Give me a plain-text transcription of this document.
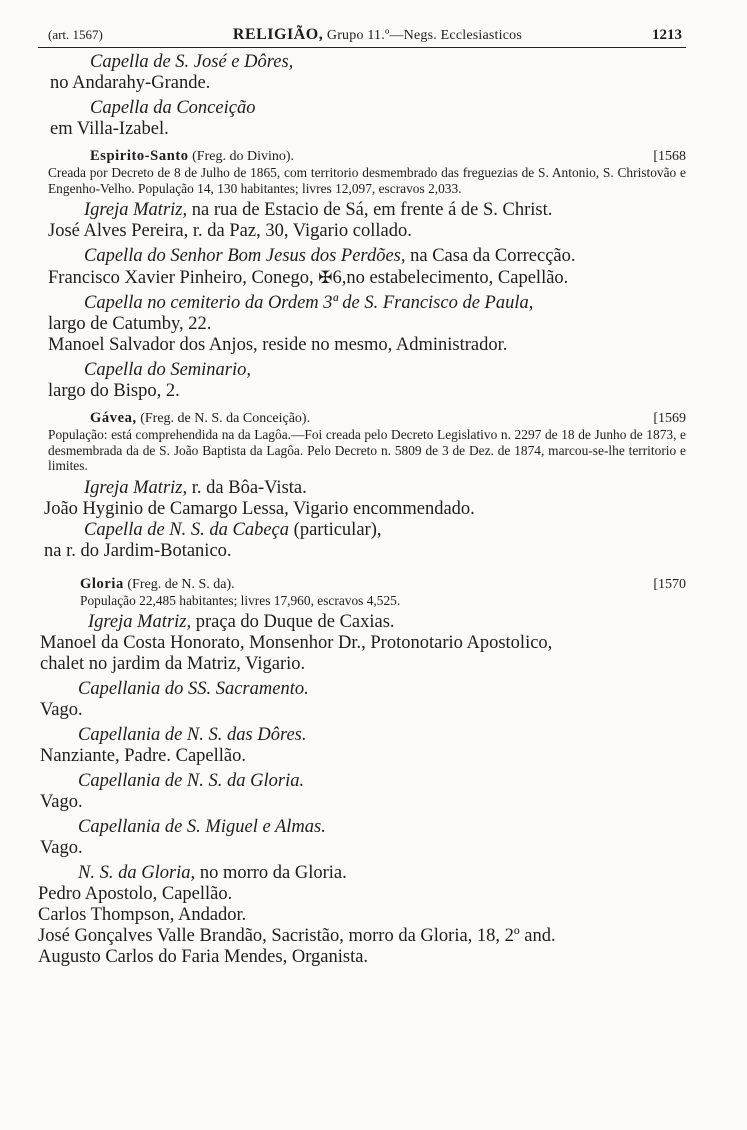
(art. 1567)	RELIGIÃO, Grupo 11.º—Negs. Ecclesiasticos	1213
Capella de S. José e Dôres,
no Andarahy-Grande.
Capella da Conceição
em Villa-Izabel.
Espirito-Santo (Freg. do Divino).	[1568
Creada por Decreto de 8 de Julho de 1865, com territorio desmembrado das freguezias de S. Antonio, S. Christovão e Engenho-Velho. População 14, 130 habitantes; livres 12,097, escravos 2,033.
Igreja Matriz, na rua de Estacio de Sá, em frente á de S. Christ.
José Alves Pereira, r. da Paz, 30, Vigario collado.
Capella do Senhor Bom Jesus dos Perdões, na Casa da Correcção.
Francisco Xavier Pinheiro, Conego, ✠6,no estabelecimento, Capellão.
Capella no cemiterio da Ordem 3ª de S. Francisco de Paula,
largo de Catumby, 22.
Manoel Salvador dos Anjos, reside no mesmo, Administrador.
Capella do Seminario,
largo do Bispo, 2.
Gávea, (Freg. de N. S. da Conceição).	[1569
População: está comprehendida na da Lagôa.—Foi creada pelo Decreto Legislativo n. 2297 de 18 de Junho de 1873, e desmembrada da de S. João Baptista da Lagôa. Pelo Decreto n. 5809 de 3 de Dez. de 1874, marcou-se-lhe territorio e limites.
Igreja Matriz, r. da Bôa-Vista.
João Hyginio de Camargo Lessa, Vigario encommendado.
Capella de N. S. da Cabeça (particular),
na r. do Jardim-Botanico.
Gloria (Freg. de N. S. da).	[1570
População 22,485 habitantes; livres 17,960, escravos 4,525.
Igreja Matriz, praça do Duque de Caxias.
Manoel da Costa Honorato, Monsenhor Dr., Protonotario Apostolico,
chalet no jardim da Matriz, Vigario.
Capellania do SS. Sacramento.
Vago.
Capellania de N. S. das Dôres.
Nanziante, Padre. Capellão.
Capellania de N. S. da Gloria.
Vago.
Capellania de S. Miguel e Almas.
Vago.
N. S. da Gloria, no morro da Gloria.
Pedro Apostolo, Capellão.
Carlos Thompson, Andador.
José Gonçalves Valle Brandão, Sacristão, morro da Gloria, 18, 2º and.
Augusto Carlos do Faria Mendes, Organista.
